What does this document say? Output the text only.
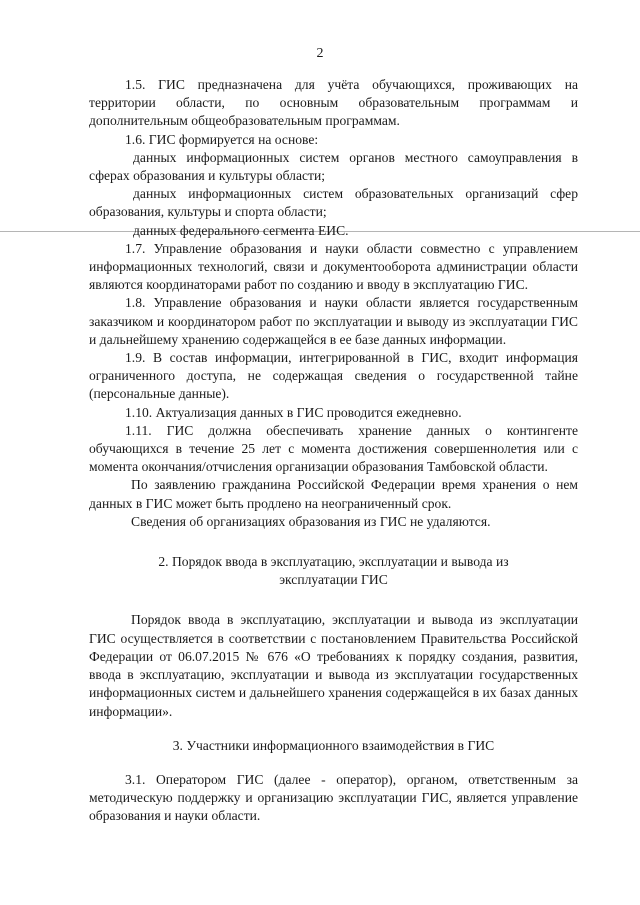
2

1.5. ГИС предназначена для учёта обучающихся, проживающих на территории области, по основным образовательным программам и дополнительным общеобразовательным программам.

1.6. ГИС формируется на основе:

данных информационных систем органов местного самоуправления в сферах образования и культуры области;

данных информационных систем образовательных организаций сфер образования, культуры и спорта области;

данных федерального сегмента ЕИС.

1.7. Управление образования и науки области совместно с управлением информационных технологий, связи и документооборота администрации области являются координаторами работ по созданию и вводу в эксплуатацию ГИС.

1.8. Управление образования и науки области является государственным заказчиком и координатором работ по эксплуатации и выводу из эксплуатации ГИС и дальнейшему хранению содержащейся в ее базе данных информации.

1.9. В состав информации, интегрированной в ГИС, входит информация ограниченного доступа, не содержащая сведения о государственной тайне (персональные данные).

1.10. Актуализация данных в ГИС проводится ежедневно.

1.11. ГИС должна обеспечивать хранение данных о контингенте обучающихся в течение 25 лет с момента достижения совершеннолетия или с момента окончания/отчисления организации образования Тамбовской области.

По заявлению гражданина Российской Федерации время хранения о нем данных в ГИС может быть продлено на неограниченный срок.

Сведения об организациях образования из ГИС не удаляются.

2. Порядок ввода в эксплуатацию, эксплуатации и вывода из

эксплуатации ГИС

Порядок ввода в эксплуатацию, эксплуатации и вывода из эксплуатации ГИС осуществляется в соответствии с постановлением Правительства Российской Федерации от 06.07.2015 № 676 «О требованиях к порядку создания, развития, ввода в эксплуатацию, эксплуатации и вывода из эксплуатации государственных информационных систем и дальнейшего хранения содержащейся в их базах данных информации».

3. Участники информационного взаимодействия в ГИС

3.1. Оператором ГИС (далее - оператор), органом, ответственным за методическую поддержку и организацию эксплуатации ГИС, является управление образования и науки области.
